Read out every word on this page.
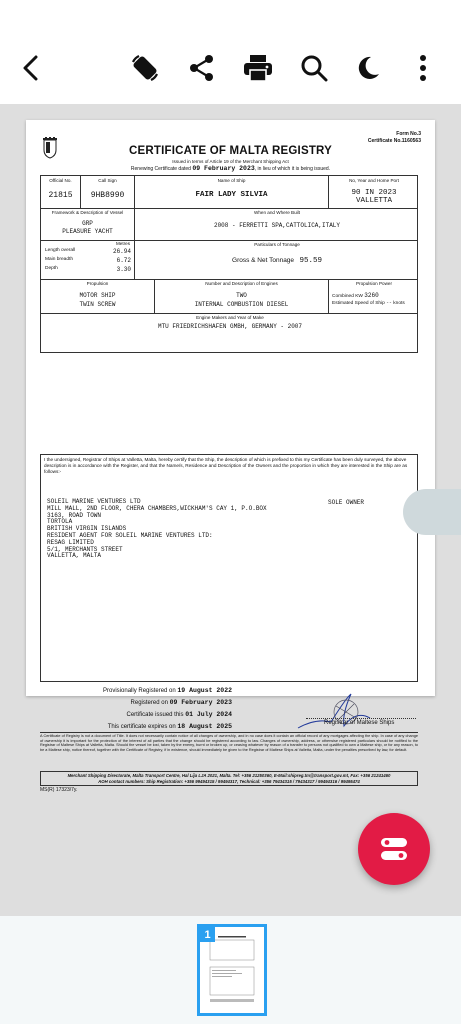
Form No.3
Certificate No.1160563
CERTIFICATE OF MALTA REGISTRY
Issued in terms of Article 19 of the Merchant Shipping Act
Renewing Certificate dated 09 February 2023, in lieu of which it is being issued.
Official No.
21815
Call Sign
9HB8990
Name of Ship
FAIR LADY SILVIA
No, Year and Home Port
90 IN 2023
VALLETTA
Framework & Description of Vessel
GRP
PLEASURE YACHT
When and Where Built
2008 - FERRETTI SPA,CATTOLICA,ITALY
Metres
Length overall	26.94
Main breadth	6.72
Depth	3.30
Particulars of Tonnage
Gross & Net Tonnage 95.59
Propulsion
MOTOR SHIP
TWIN SCREW
Number and Description of Engines
TWO
INTERNAL COMBUSTION DIESEL
Propulsion Power
Combined KW 3260
Estimated Speed of Ship -- knots
Engine Makers and Year of Make
MTU FRIEDRICHSHAFEN GMBH, GERMANY - 2007
I the undersigned, Registrar of Ships at Valletta, Malta, hereby certify that the Ship, the description of which is prefixed to this my Certificate has been duly surveyed, the above description is in accordance with the Register, and that the Name/s, Residence and Description of the Owners and the proportion in which they are interested in the Ship are as follows:-
SOLEIL MARINE VENTURES LTD
MILL MALL, 2ND FLOOR, CHERA CHAMBERS,WICKHAM'S CAY 1, P.O.BOX
3163, ROAD TOWN
TORTOLA
BRITISH VIRGIN ISLANDS
RESIDENT AGENT FOR SOLEIL MARINE VENTURES LTD:
RESAG LIMITED
5/1, MERCHANTS STREET
VALLETTA, MALTA
SOLE OWNER
Provisionally Registered on 19 August 2022
Registered on 09 February 2023
Certificate issued this 01 July 2024
This certificate expires on 18 August 2025	Registrar of Maltese Ships
A Certificate of Registry is not a document of Title. It does not necessarily contain notice of all changes of ownership, and in no case does it contain an official record of any mortgages affecting the ship. In case of any change of ownership it is important for the protection of the interest of all parties that the change should be registered according to law. Changes of ownership, address, or otherwise registered particulars should be notified to the Registrar of Maltese Ships at Valletta, Malta. Should the vessel be lost, taken by the enemy, burnt or broken up, or ceasing whatever by reason of a transfer to persons not qualified to own a Maltese ship, or for any reason, to be a Maltese ship, notice thereof, together with the Certificate of Registry, if in existence, should immediately be given to the Registrar of Maltese Ships at Valletta, Malta, under the penalties prescribed by law, for default.
Merchant Shipping Directorate, Malta Transport Centre, Hal Lija LJA 2021, Malta. Tel: +356 21250360, E-Mail:shipreg.tm@transport.gov.mt, Fax: +356 21241460
AOH contact numbers: Ship Registration: +356 99494315 / 99494317, Technical: +356 79434315 / 79434317 / 99494316 / 99495474
MS(R) 17323/7y.
1
